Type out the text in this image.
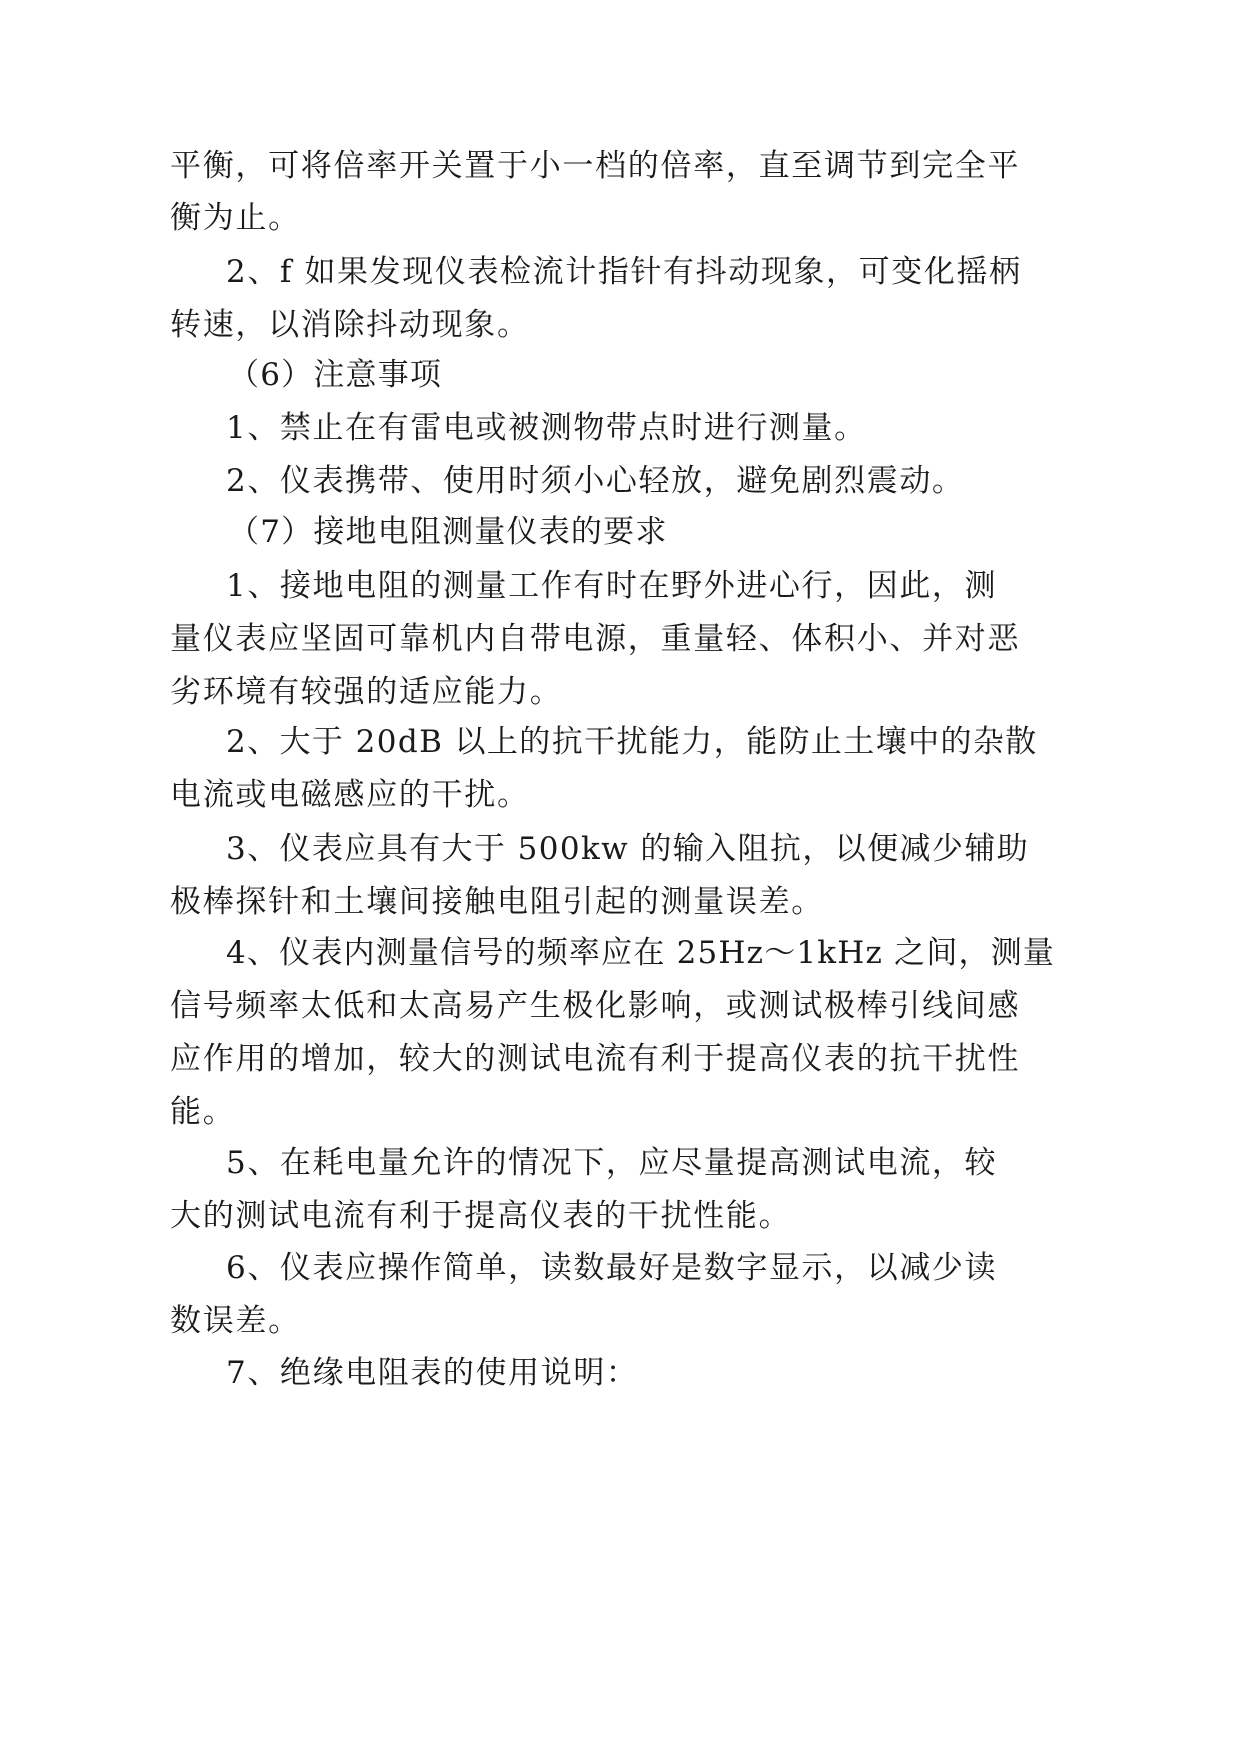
平衡，可将倍率开关置于小一档的倍率，直至调节到完全平
衡为止。
2、f 如果发现仪表检流计指针有抖动现象，可变化摇柄
转速，以消除抖动现象。
（6）注意事项
1、禁止在有雷电或被测物带点时进行测量。
2、仪表携带、使用时须小心轻放，避免剧烈震动。
（7）接地电阻测量仪表的要求
1、接地电阻的测量工作有时在野外进心行，因此，测
量仪表应坚固可靠机内自带电源，重量轻、体积小、并对恶
劣环境有较强的适应能力。
2、大于 20dB 以上的抗干扰能力，能防止土壤中的杂散
电流或电磁感应的干扰。
3、仪表应具有大于 500kw 的输入阻抗，以便减少辅助
极棒探针和土壤间接触电阻引起的测量误差。
4、仪表内测量信号的频率应在 25Hz～1kHz 之间，测量
信号频率太低和太高易产生极化影响，或测试极棒引线间感
应作用的增加，较大的测试电流有利于提高仪表的抗干扰性
能。
5、在耗电量允许的情况下，应尽量提高测试电流，较
大的测试电流有利于提高仪表的干扰性能。
6、仪表应操作简单，读数最好是数字显示，以减少读
数误差。
7、绝缘电阻表的使用说明：
